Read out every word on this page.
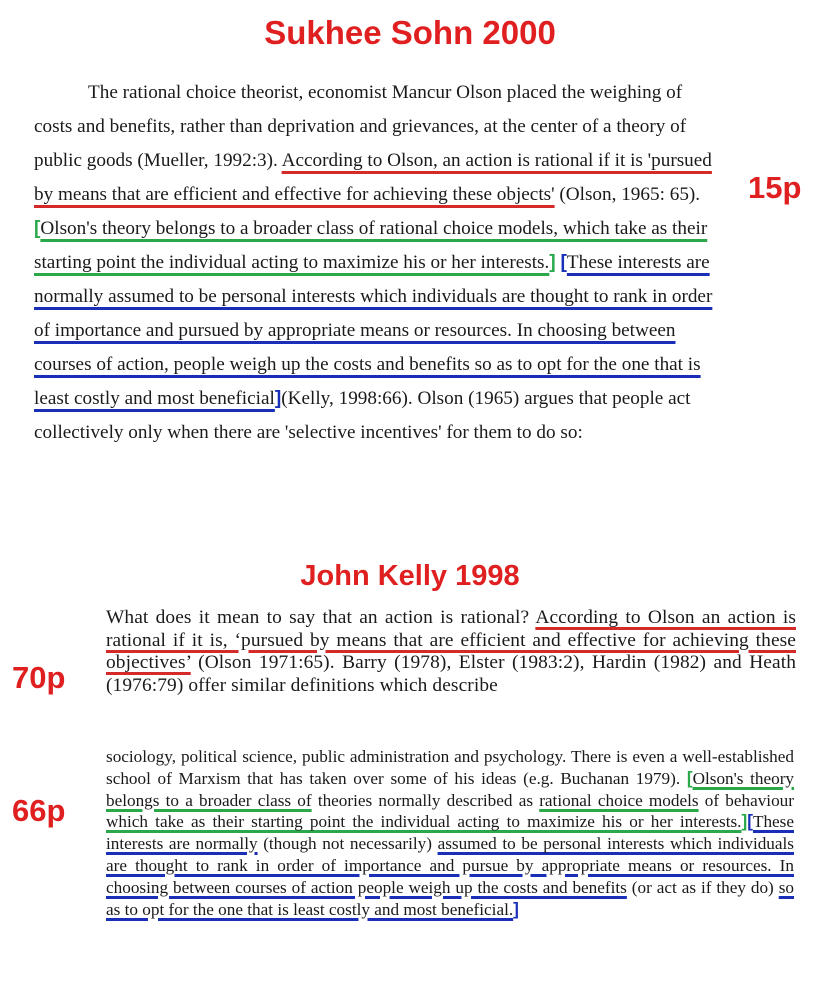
Sukhee Sohn 2000
15p
The rational choice theorist, economist Mancur Olson placed the weighing of costs and benefits, rather than deprivation and grievances, at the center of a theory of public goods (Mueller, 1992:3). According to Olson, an action is rational if it is 'pursued by means that are efficient and effective for achieving these objects' (Olson, 1965: 65). [Olson's theory belongs to a broader class of rational choice models, which take as their starting point the individual acting to maximize his or her interests.] [These interests are normally assumed to be personal interests which individuals are thought to rank in order of importance and pursued by appropriate means or resources. In choosing between courses of action, people weigh up the costs and benefits so as to opt for the one that is least costly and most beneficial](Kelly, 1998:66). Olson (1965) argues that people act collectively only when there are 'selective incentives' for them to do so:
John Kelly 1998
70p
What does it mean to say that an action is rational? According to Olson an action is rational if it is, ‘pursued by means that are efficient and effective for achieving these objectives’ (Olson 1971:65). Barry (1978), Elster (1983:2), Hardin (1982) and Heath (1976:79) offer similar definitions which describe
66p
sociology, political science, public administration and psychology. There is even a well-established school of Marxism that has taken over some of his ideas (e.g. Buchanan 1979). [Olson's theory belongs to a broader class of theories normally described as rational choice models of behaviour which take as their starting point the individual acting to maximize his or her interests.][These interests are normally (though not necessarily) assumed to be personal interests which individuals are thought to rank in order of importance and pursue by appropriate means or resources. In choosing between courses of action people weigh up the costs and benefits (or act as if they do) so as to opt for the one that is least costly and most beneficial.]
